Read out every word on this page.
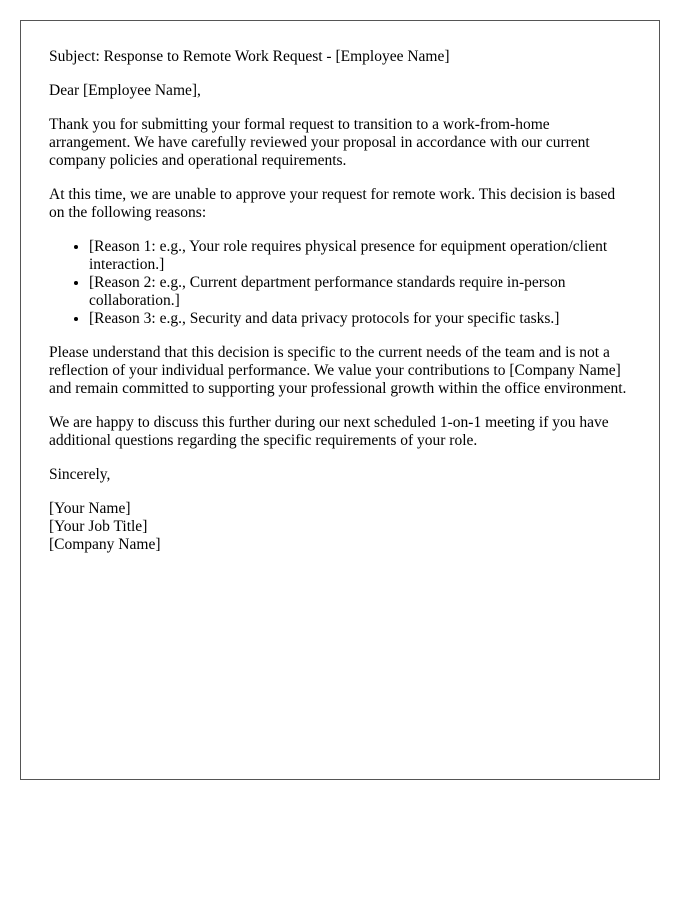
Subject: Response to Remote Work Request - [Employee Name]

Dear [Employee Name],

Thank you for submitting your formal request to transition to a work-from-home arrangement. We have carefully reviewed your proposal in accordance with our current company policies and operational requirements.

At this time, we are unable to approve your request for remote work. This decision is based on the following reasons:

• [Reason 1: e.g., Your role requires physical presence for equipment operation/client interaction.]
• [Reason 2: e.g., Current department performance standards require in-person collaboration.]
• [Reason 3: e.g., Security and data privacy protocols for your specific tasks.]

Please understand that this decision is specific to the current needs of the team and is not a reflection of your individual performance. We value your contributions to [Company Name] and remain committed to supporting your professional growth within the office environment.

We are happy to discuss this further during our next scheduled 1-on-1 meeting if you have additional questions regarding the specific requirements of your role.

Sincerely,

[Your Name]
[Your Job Title]
[Company Name]
